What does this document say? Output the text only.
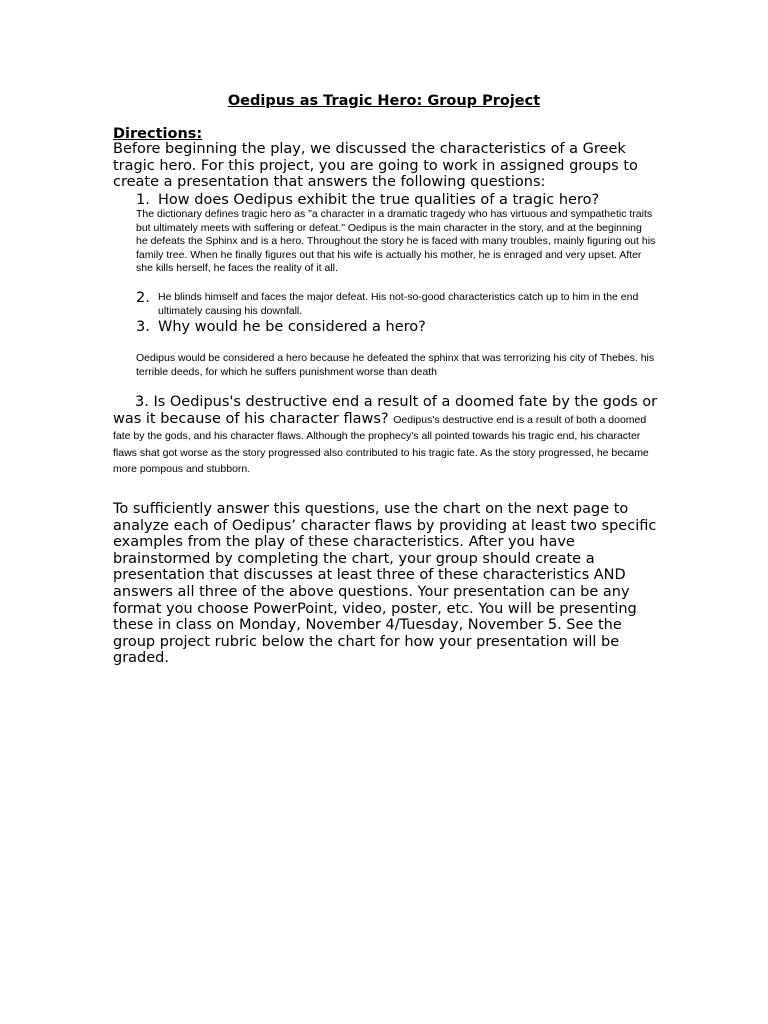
Oedipus as Tragic Hero: Group Project
Directions:
Before beginning the play, we discussed the characteristics of a Greek tragic hero. For this project, you are going to work in assigned groups to create a presentation that answers the following questions:
1. How does Oedipus exhibit the true qualities of a tragic hero?
The dictionary defines tragic hero as "a character in a dramatic tragedy who has virtuous and sympathetic traits but ultimately meets with suffering or defeat." Oedipus is the main character in the story, and at the beginning he defeats the Sphinx and is a hero. Throughout the story he is faced with many troubles, mainly figuring out his family tree. When he finally figures out that his wife is actually his mother, he is enraged and very upset. After she kills herself, he faces the reality of it all.
2. He blinds himself and faces the major defeat. His not-so-good characteristics catch up to him in the end ultimately causing his downfall.
3. Why would he be considered a hero?
Oedipus would be considered a hero because he defeated the sphinx that was terrorizing his city of Thebes. his terrible deeds, for which he suffers punishment worse than death
3. Is Oedipus's destructive end a result of a doomed fate by the gods or was it because of his character flaws? Oedipus's destructive end is a result of both a doomed fate by the gods, and his character flaws. Although the prophecy's all pointed towards his tragic end, his character flaws shat got worse as the story progressed also contributed to his tragic fate. As the story progressed, he became more pompous and stubborn.
To sufficiently answer this questions, use the chart on the next page to analyze each of Oedipus’ character flaws by providing at least two specific examples from the play of these characteristics. After you have brainstormed by completing the chart, your group should create a presentation that discusses at least three of these characteristics AND answers all three of the above questions. Your presentation can be any format you choose PowerPoint, video, poster, etc. You will be presenting these in class on Monday, November 4/Tuesday, November 5. See the group project rubric below the chart for how your presentation will be graded.
